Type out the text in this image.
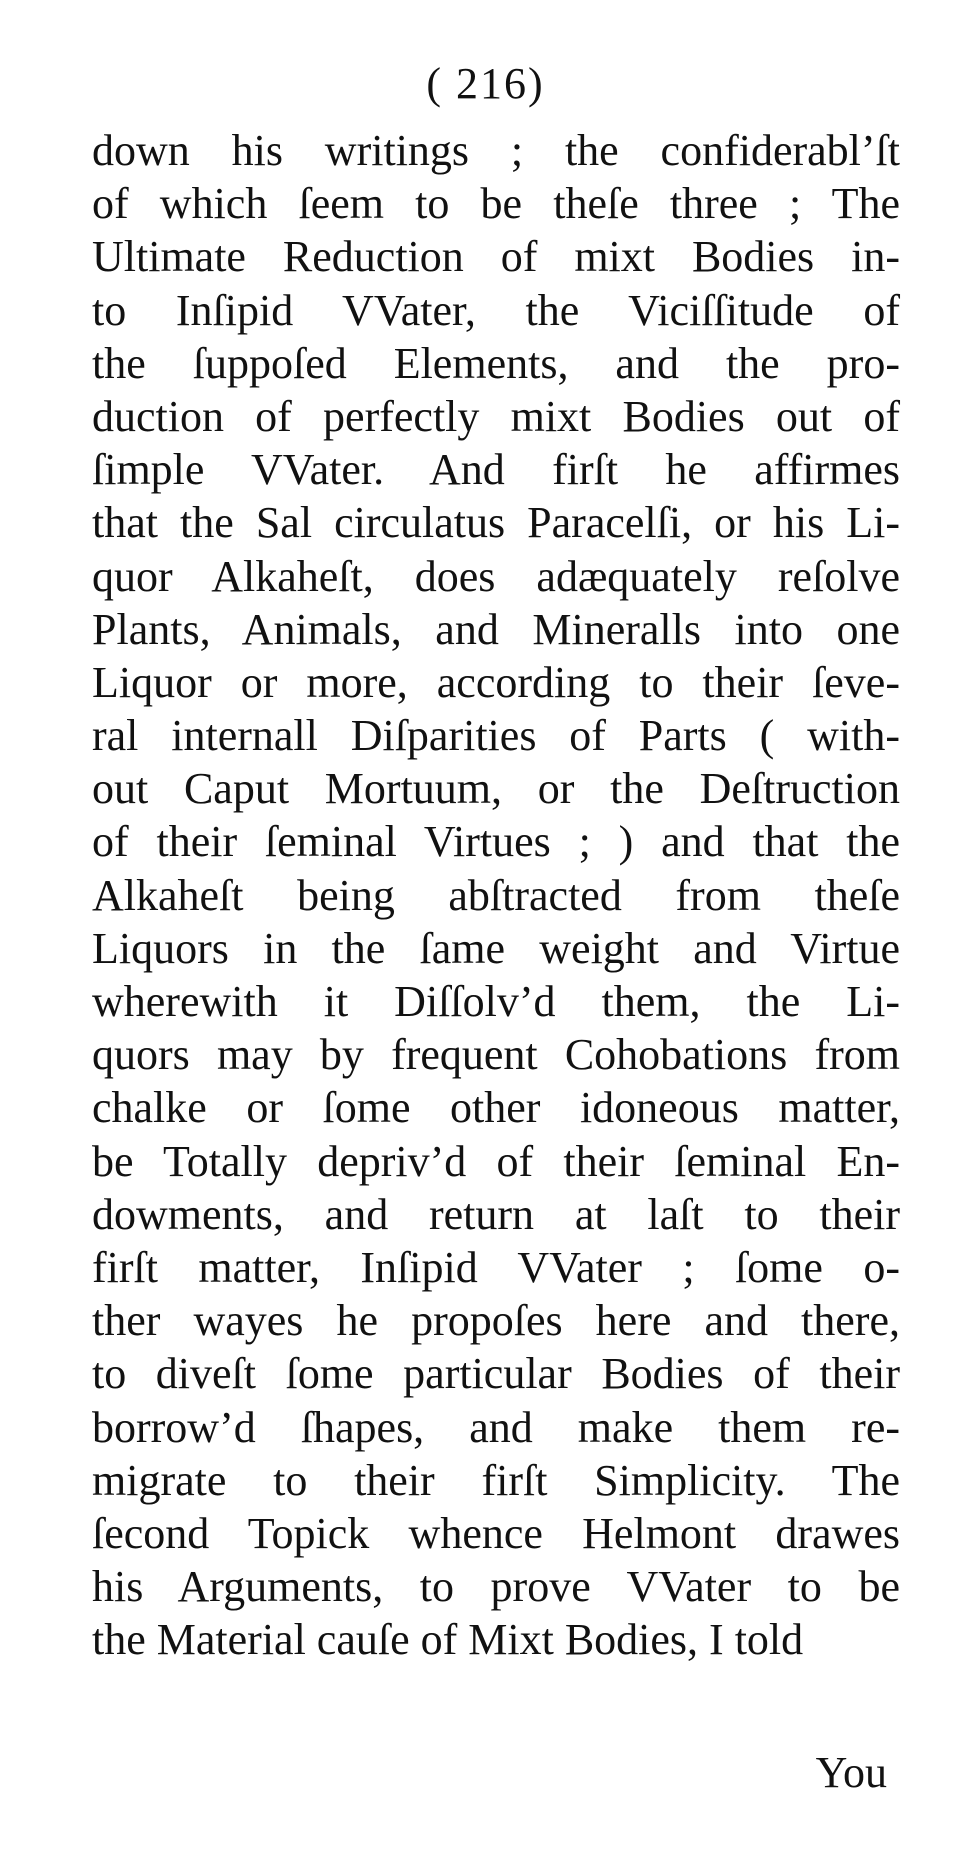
( 216)
down his writings ; the confiderabl’ſt
of which ſeem to be theſe three ; The
Ultimate Reduction of mixt Bodies in-
to Inſipid VVater, the Viciſſitude of
the ſuppoſed Elements, and the pro-
duction of perfectly mixt Bodies out of
ſimple VVater. And firſt he affirmes
that the Sal circulatus Paracelſi, or his Li-
quor Alkaheſt, does adæquately reſolve
Plants, Animals, and Mineralls into one
Liquor or more, according to their ſeve-
ral internall Diſparities of Parts ( with-
out Caput Mortuum, or the Deſtruction
of their ſeminal Virtues ; ) and that the
Alkaheſt being abſtracted from theſe
Liquors in the ſame weight and Virtue
wherewith it Diſſolv’d them, the Li-
quors may by frequent Cohobations from
chalke or ſome other idoneous matter,
be Totally depriv’d of their ſeminal En-
dowments, and return at laſt to their
firſt matter, Inſipid VVater ; ſome o-
ther wayes he propoſes here and there,
to diveſt ſome particular Bodies of their
borrow’d ſhapes, and make them re-
migrate to their firſt Simplicity. The
ſecond Topick whence Helmont drawes
his Arguments, to prove VVater to be
the Material cauſe of Mixt Bodies, I told
You
